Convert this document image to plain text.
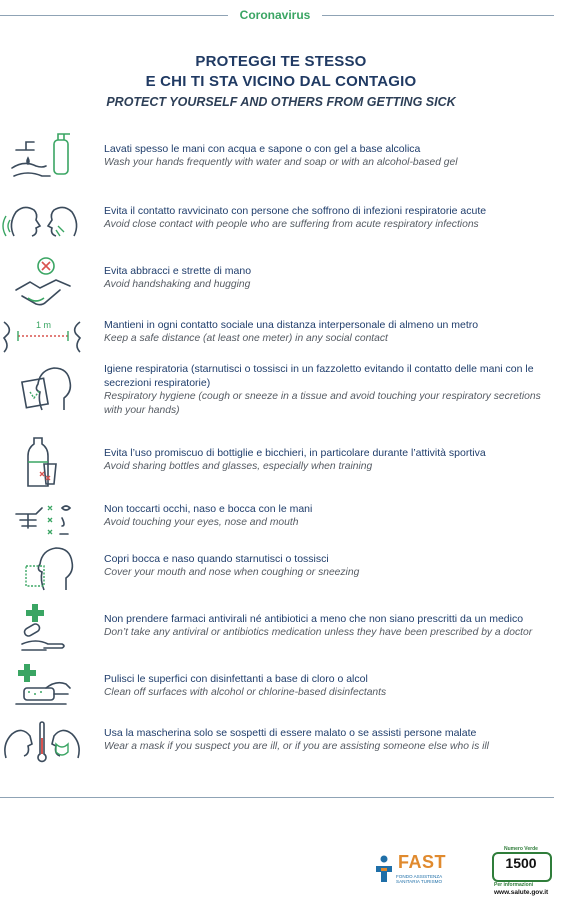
Coronavirus
PROTEGGI TE STESSO
E CHI TI STA VICINO DAL CONTAGIO
PROTECT YOURSELF AND OTHERS FROM GETTING SICK
Lavati spesso le mani con acqua e sapone o con gel a base alcolica
Wash your hands frequently with water and soap or with an alcohol-based gel
Evita il contatto ravvicinato con persone che soffrono di infezioni respiratorie acute
Avoid close contact with people who are suffering from acute respiratory infections
Evita abbracci e strette di mano
Avoid handshaking and hugging
1 m	Mantieni in ogni contatto sociale una distanza interpersonale di almeno un metro
Keep a safe distance (at least one meter) in any social contact
Igiene respiratoria (starnutisci o tossisci in un fazzoletto evitando il contatto delle mani con le secrezioni respiratorie)
Respiratory hygiene (cough or sneeze in a tissue and avoid touching your respiratory secretions with your hands)
Evita l’uso promiscuo di bottiglie e bicchieri, in particolare durante l’attività sportiva
Avoid sharing bottles and glasses, especially when training
Non toccarti occhi, naso e bocca con le mani
Avoid touching your eyes, nose and mouth
Copri bocca e naso quando starnutisci o tossisci
Cover your mouth and nose when coughing or sneezing
Non prendere farmaci antivirali né antibiotici a meno che non siano prescritti da un medico
Don’t take any antiviral or antibiotics medication unless they have been prescribed by a doctor
Pulisci le superfici con disinfettanti a base di cloro o alcol
Clean off surfaces with alcohol or chlorine-based disinfectants
Usa la mascherina solo se sospetti di essere malato o se assisti persone malate
Wear a mask if you suspect you are ill, or if you are assisting someone else who is ill
FAST
FONDO ASSISTENZA
SANITARIA TURISMO
Numero Verde
1500
Per informazioni
www.salute.gov.it
